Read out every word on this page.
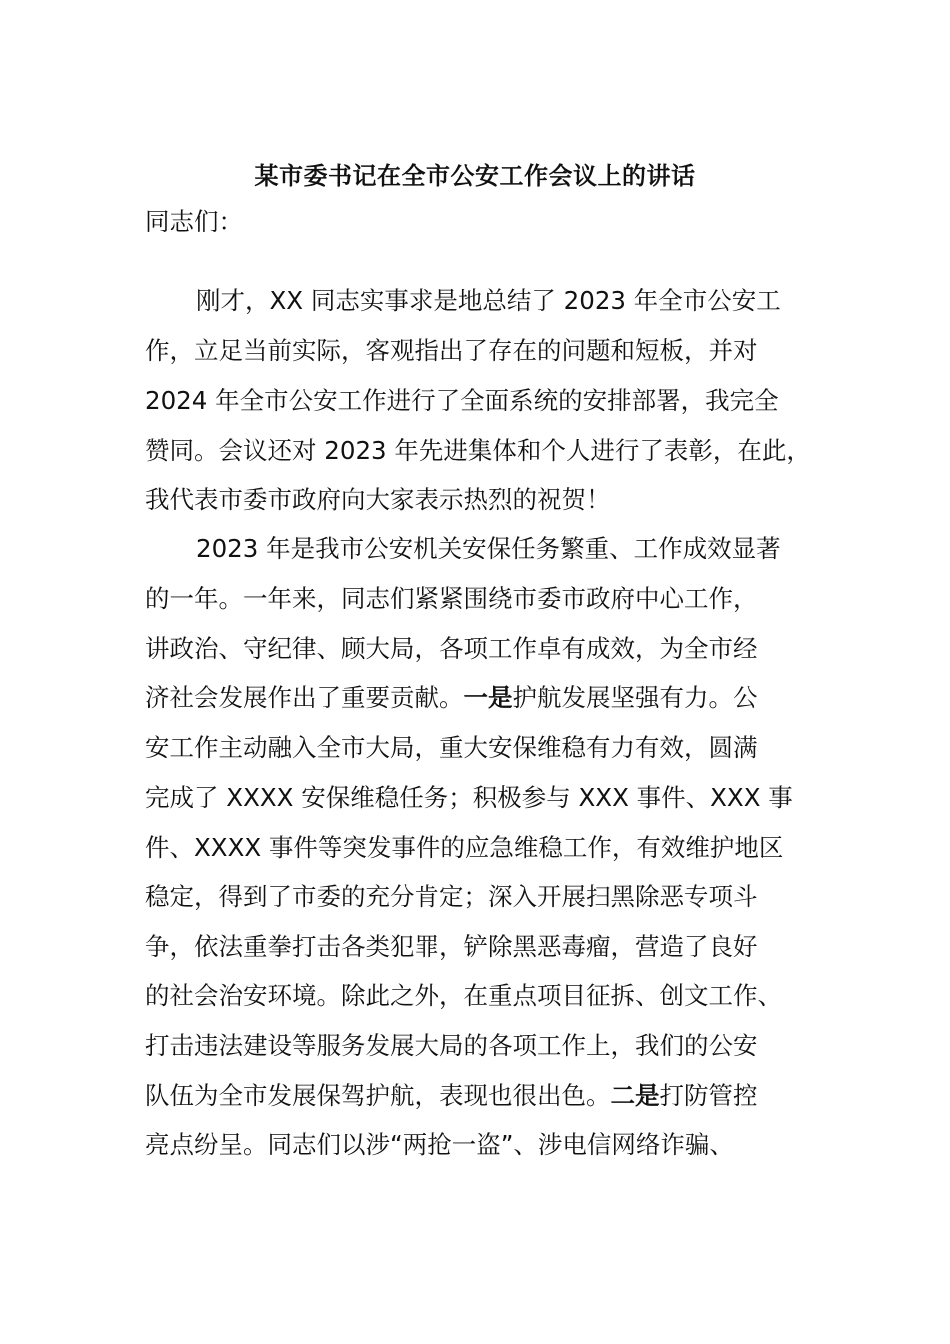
某市委书记在全市公安工作会议上的讲话
同志们：
刚才，XX 同志实事求是地总结了 2023 年全市公安工
作，立足当前实际，客观指出了存在的问题和短板，并对
2024 年全市公安工作进行了全面系统的安排部署，我完全
赞同。会议还对 2023 年先进集体和个人进行了表彰，在此，
我代表市委市政府向大家表示热烈的祝贺！
2023 年是我市公安机关安保任务繁重、工作成效显著
的一年。一年来，同志们紧紧围绕市委市政府中心工作，
讲政治、守纪律、顾大局，各项工作卓有成效，为全市经
济社会发展作出了重要贡献。一是护航发展坚强有力。公
安工作主动融入全市大局，重大安保维稳有力有效，圆满
完成了 XXXX 安保维稳任务；积极参与 XXX 事件、XXX 事
件、XXXX 事件等突发事件的应急维稳工作，有效维护地区
稳定，得到了市委的充分肯定；深入开展扫黑除恶专项斗
争，依法重拳打击各类犯罪，铲除黑恶毒瘤，营造了良好
的社会治安环境。除此之外，在重点项目征拆、创文工作、
打击违法建设等服务发展大局的各项工作上，我们的公安
队伍为全市发展保驾护航，表现也很出色。二是打防管控
亮点纷呈。同志们以涉“两抢一盗”、涉电信网络诈骗、
